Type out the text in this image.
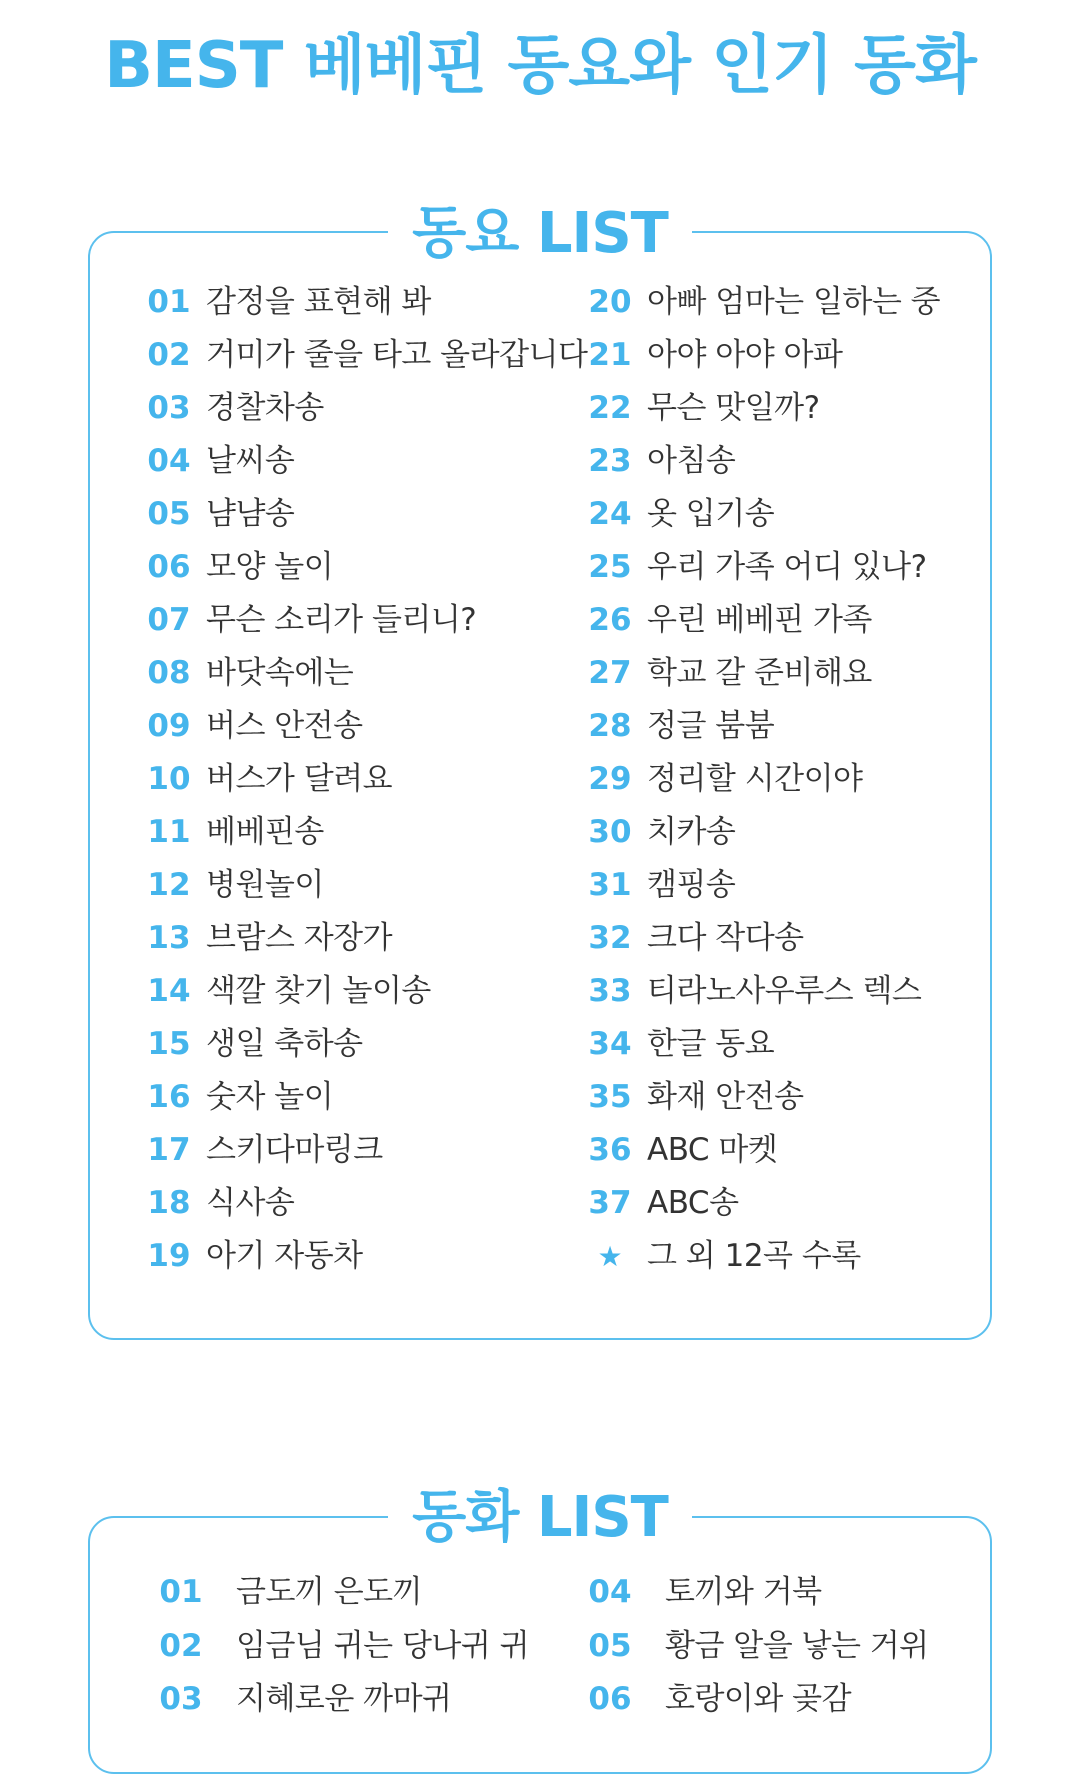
BEST 베베핀 동요와 인기 동화
동요 LIST
01 감정을 표현해 봐
02 거미가 줄을 타고 올라갑니다
03 경찰차송
04 날씨송
05 냠냠송
06 모양 놀이
07 무슨 소리가 들리니?
08 바닷속에는
09 버스 안전송
10 버스가 달려요
11 베베핀송
12 병원놀이
13 브람스 자장가
14 색깔 찾기 놀이송
15 생일 축하송
16 숫자 놀이
17 스키다마링크
18 식사송
19 아기 자동차
20 아빠 엄마는 일하는 중
21 아야 아야 아파
22 무슨 맛일까?
23 아침송
24 옷 입기송
25 우리 가족 어디 있나?
26 우린 베베핀 가족
27 학교 갈 준비해요
28 정글 붐붐
29 정리할 시간이야
30 치카송
31 캠핑송
32 크다 작다송
33 티라노사우루스 렉스
34 한글 동요
35 화재 안전송
36 ABC 마켓
37 ABC송
★ 그 외 12곡 수록
동화 LIST
01 금도끼 은도끼
02 임금님 귀는 당나귀 귀
03 지혜로운 까마귀
04 토끼와 거북
05 황금 알을 낳는 거위
06 호랑이와 곶감
